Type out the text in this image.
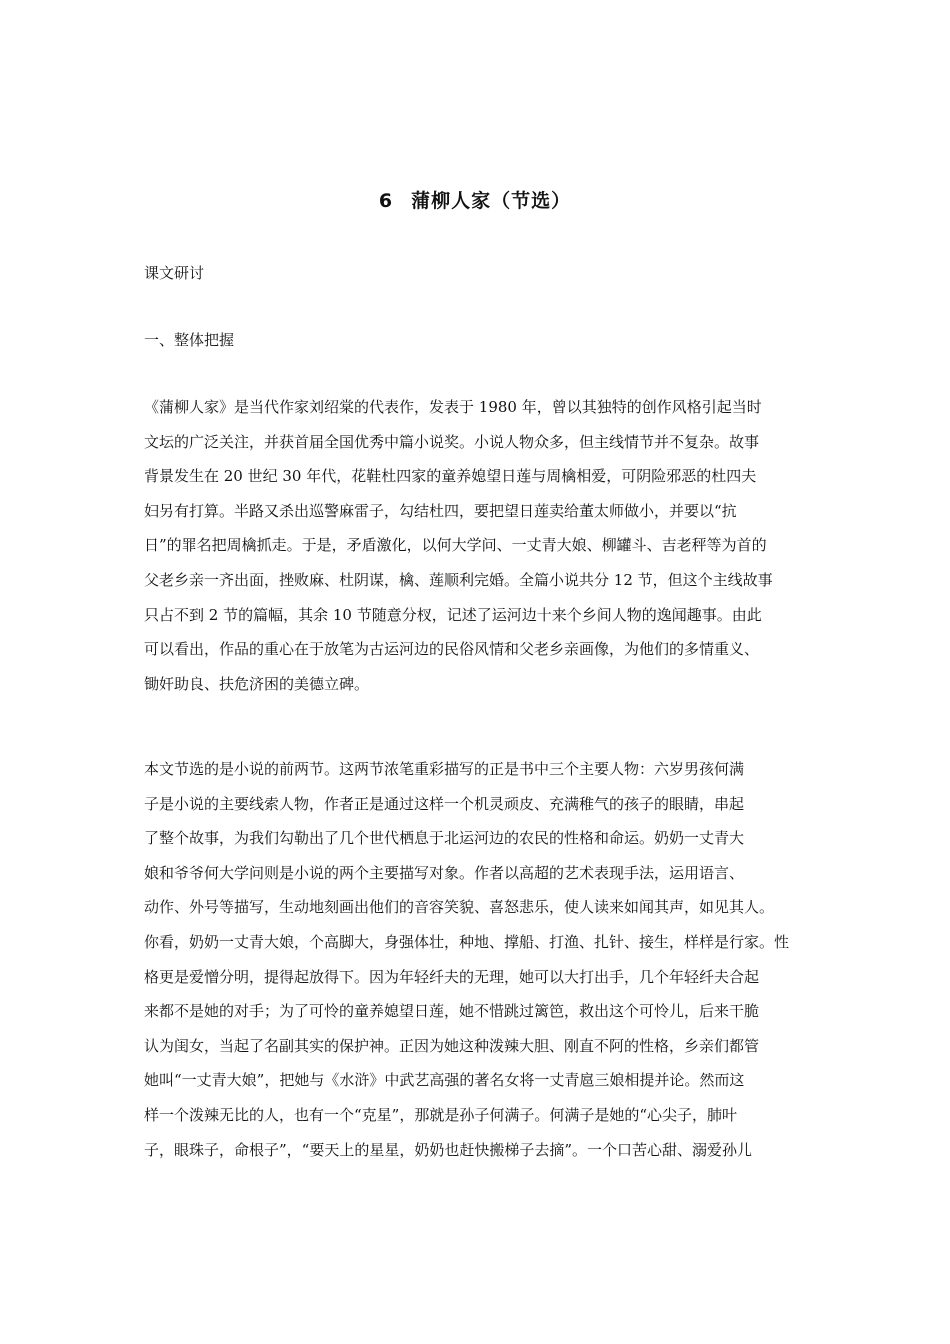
6 蒲柳人家（节选）
课文研讨
一、整体把握
《蒲柳人家》是当代作家刘绍棠的代表作，发表于 1980 年，曾以其独特的创作风格引起当时
文坛的广泛关注，并获首届全国优秀中篇小说奖。小说人物众多，但主线情节并不复杂。故事
背景发生在 20 世纪 30 年代，花鞋杜四家的童养媳望日莲与周檎相爱，可阴险邪恶的杜四夫
妇另有打算。半路又杀出巡警麻雷子，勾结杜四，要把望日莲卖给董太师做小，并要以“抗
日”的罪名把周檎抓走。于是，矛盾激化，以何大学问、一丈青大娘、柳罐斗、吉老秤等为首的
父老乡亲一齐出面，挫败麻、杜阴谋，檎、莲顺利完婚。全篇小说共分 12 节，但这个主线故事
只占不到 2 节的篇幅，其余 10 节随意分杈，记述了运河边十来个乡间人物的逸闻趣事。由此
可以看出，作品的重心在于放笔为古运河边的民俗风情和父老乡亲画像，为他们的多情重义、
锄奸助良、扶危济困的美德立碑。
本文节选的是小说的前两节。这两节浓笔重彩描写的正是书中三个主要人物：六岁男孩何满
子是小说的主要线索人物，作者正是通过这样一个机灵顽皮、充满稚气的孩子的眼睛，串起
了整个故事，为我们勾勒出了几个世代栖息于北运河边的农民的性格和命运。奶奶一丈青大
娘和爷爷何大学问则是小说的两个主要描写对象。作者以高超的艺术表现手法，运用语言、
动作、外号等描写，生动地刻画出他们的音容笑貌、喜怒悲乐，使人读来如闻其声，如见其人。
你看，奶奶一丈青大娘，个高脚大，身强体壮，种地、撑船、打渔、扎针、接生，样样是行家。性
格更是爱憎分明，提得起放得下。因为年轻纤夫的无理，她可以大打出手，几个年轻纤夫合起
来都不是她的对手；为了可怜的童养媳望日莲，她不惜跳过篱笆，救出这个可怜儿，后来干脆
认为闺女，当起了名副其实的保护神。正因为她这种泼辣大胆、刚直不阿的性格，乡亲们都管
她叫“一丈青大娘”，把她与《水浒》中武艺高强的著名女将一丈青扈三娘相提并论。然而这
样一个泼辣无比的人，也有一个“克星”，那就是孙子何满子。何满子是她的“心尖子，肺叶
子，眼珠子，命根子”，“要天上的星星，奶奶也赶快搬梯子去摘”。一个口苦心甜、溺爱孙儿
